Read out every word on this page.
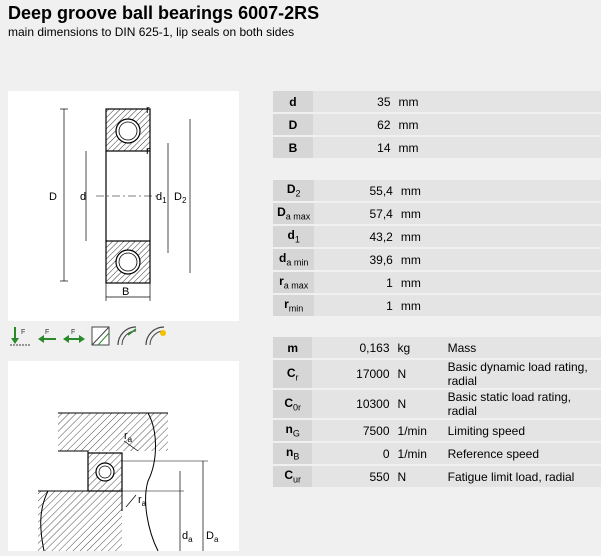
Deep groove ball bearings 6007-2RS
main dimensions to DIN 625-1, lip seals on both sides
D d	$d_1$ $D_2$
B
r
r
F	F	F
$r_a$
$r_a$
$d_a$ $D_a$
d	35	mm	
D	62	mm	
B	14	mm	
$D_2$	55,4	mm	
$D_{a max}$	57,4	mm	
$d_1$	43,2	mm	
$d_{a min}$	39,6	mm	
$r_{a max}$	1	mm	
$r_{min}$	1	mm	
m	0,163	kg	Mass
$C_r$	17000	N	Basic dynamic load rating, radial
$C_{0r}$	10300	N	Basic static load rating, radial
$n_G$	7500	1/min	Limiting speed
$n_B$	0	1/min	Reference speed
$C_{ur}$	550	N	Fatigue limit load, radial
